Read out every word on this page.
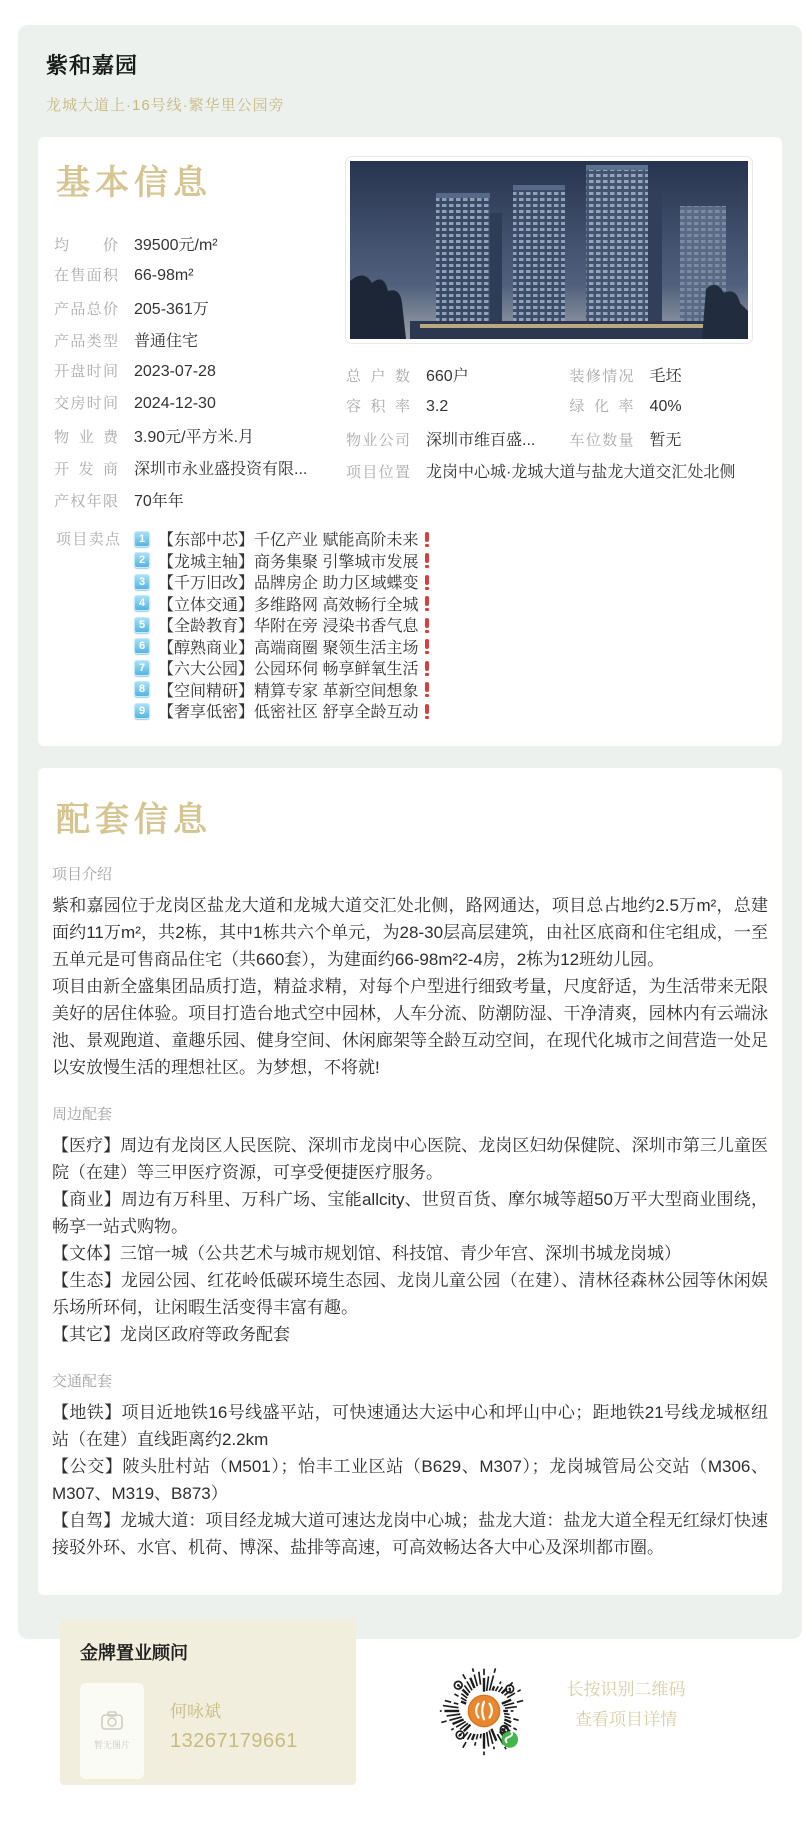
紫和嘉园
龙城大道上·16号线·繁华里公园旁
基本信息
均价 39500元/m²
在售面积 66-98m²
产品总价 205-361万
产品类型 普通住宅
开盘时间 2023-07-28
交房时间 2024-12-30
物业费 3.90元/平方米.月
开发商 深圳市永业盛投资有限...
产权年限 70年年
总户数 660户	装修情况 毛坯
容积率 3.2	绿化率 40%
物业公司 深圳市维百盛... 车位数量 暂无
项目位置 龙岗中心城·龙城大道与盐龙大道交汇处北侧
项目卖点	1 【东部中芯】千亿产业 赋能高阶未来
2 【龙城主轴】商务集聚 引擎城市发展
3 【千万旧改】品牌房企 助力区域蝶变
4 【立体交通】多维路网 高效畅行全城
5 【全龄教育】华附在旁 浸染书香气息
6 【醇熟商业】高端商圈 聚领生活主场
7 【六大公园】公园环伺 畅享鲜氧生活
8 【空间精研】精算专家 革新空间想象
9 【奢享低密】低密社区 舒享全龄互动
配套信息
项目介绍
紫和嘉园位于龙岗区盐龙大道和龙城大道交汇处北侧，路网通达，项目总占地约2.5万m²，总建面约11万m²，共2栋，其中1栋共六个单元，为28-30层高层建筑，由社区底商和住宅组成，一至五单元是可售商品住宅（共660套），为建面约66-98m²2-4房，2栋为12班幼儿园。
项目由新全盛集团品质打造，精益求精，对每个户型进行细致考量，尺度舒适，为生活带来无限美好的居住体验。项目打造台地式空中园林，人车分流、防潮防湿、干净清爽，园林内有云端泳池、景观跑道、童趣乐园、健身空间、休闲廊架等全龄互动空间，在现代化城市之间营造一处足以安放慢生活的理想社区。为梦想，不将就!
周边配套
【医疗】周边有龙岗区人民医院、深圳市龙岗中心医院、龙岗区妇幼保健院、深圳市第三儿童医院（在建）等三甲医疗资源，可享受便捷医疗服务。
【商业】周边有万科里、万科广场、宝能allcity、世贸百货、摩尔城等超50万平大型商业围绕，畅享一站式购物。
【文体】三馆一城（公共艺术与城市规划馆、科技馆、青少年宫、深圳书城龙岗城）
【生态】龙园公园、红花岭低碳环境生态园、龙岗儿童公园（在建）、清林径森林公园等休闲娱乐场所环伺，让闲暇生活变得丰富有趣。
【其它】龙岗区政府等政务配套
交通配套
【地铁】项目近地铁16号线盛平站，可快速通达大运中心和坪山中心；距地铁21号线龙城枢纽站（在建）直线距离约2.2km
【公交】陂头肚村站（M501）；怡丰工业区站（B629、M307）；龙岗城管局公交站（M306、M307、M319、B873）
【自驾】龙城大道：项目经龙城大道可速达龙岗中心城；盐龙大道：盐龙大道全程无红绿灯快速接驳外环、水官、机荷、博深、盐排等高速，可高效畅达各大中心及深圳都市圈。
金牌置业顾问
暂无图片
何咏斌
13267179661
长按识别二维码
查看项目详情
